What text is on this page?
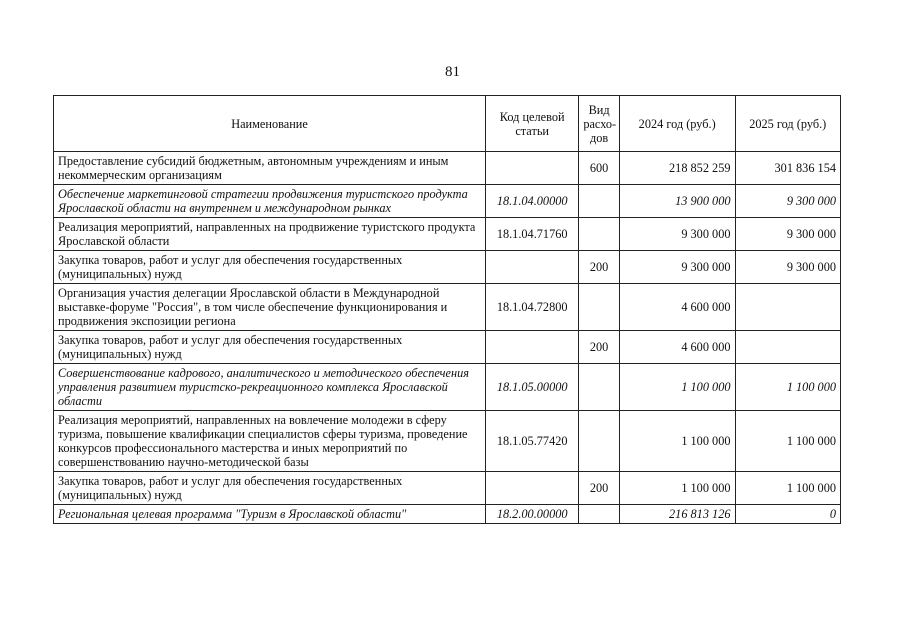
81
Наименование	Код целевой статьи	Вид расхо-дов	2024 год (руб.)	2025 год (руб.)
Предоставление субсидий бюджетным, автономным учреждениям и иным некоммерческим организациям		600	218 852 259	301 836 154
Обеспечение маркетинговой стратегии продвижения туристского продукта Ярославской области на внутреннем и международном рынках	18.1.04.00000		13 900 000	9 300 000
Реализация мероприятий, направленных на продвижение туристского продукта Ярославской области	18.1.04.71760		9 300 000	9 300 000
Закупка товаров, работ и услуг для обеспечения государственных (муниципальных) нужд		200	9 300 000	9 300 000
Организация участия делегации Ярославской области в Международной выставке-форуме "Россия", в том числе обеспечение функционирования и продвижения экспозиции региона	18.1.04.72800		4 600 000	
Закупка товаров, работ и услуг для обеспечения государственных (муниципальных) нужд		200	4 600 000	
Совершенствование кадрового, аналитического и методического обеспечения управления развитием туристско-рекреационного комплекса Ярославской области	18.1.05.00000		1 100 000	1 100 000
Реализация мероприятий, направленных на вовлечение молодежи в сферу туризма, повышение квалификации специалистов сферы туризма, проведение конкурсов профессионального мастерства и иных мероприятий по совершенствованию научно-методической базы	18.1.05.77420		1 100 000	1 100 000
Закупка товаров, работ и услуг для обеспечения государственных (муниципальных) нужд		200	1 100 000	1 100 000
Региональная целевая программа "Туризм в Ярославской области"	18.2.00.00000		216 813 126	0
